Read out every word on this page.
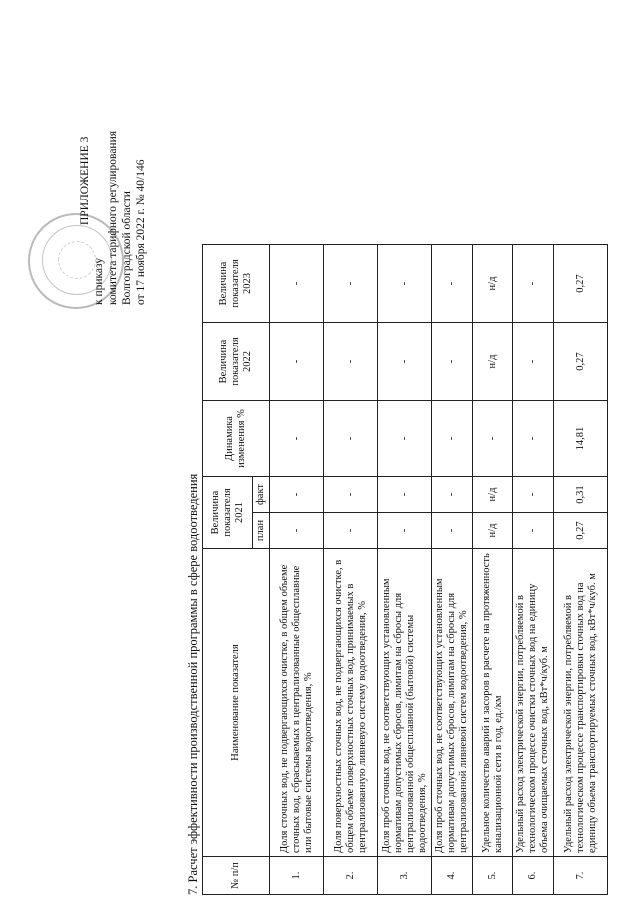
ПРИЛОЖЕНИЕ 3
к приказу комитета тарифного регулирования Волгоградской области от 17 ноября 2022 г. № 40/146
7. Расчет эффективности производственной программы в сфере водоотведения	№ п/п	Наименование показателя	Величина показателя 2021		Динамика изменения %	Величина показателя 2022	Величина показателя 2023
		план	факт			
1.	Доля сточных вод, не подвергающихся очистке, в общем объеме сточных вод, сбрасываемых в централизованные общесплавные или бытовые системы водоотведения, %	-	-	-	-	-
2.	Доля поверхностных сточных вод, не подвергающихся очистке, в общем объеме поверхностных сточных вод, принимаемых в централизованную ливневую систему водоотведения, %	-	-	-	-	-
3.	Доля проб сточных вод, не соответствующих установленным нормативам допустимых сбросов, лимитам на сбросы для централизованной общесплавной (бытовой) системы водоотведения, %	-	-	-	-	-
4.	Доля проб сточных вод, не соответствующих установленным нормативам допустимых сбросов, лимитам на сбросы для централизованной ливневой систем водоотведения, %	-	-	-	-	-
5.	Удельное количество аварий и засоров в расчете на протяженность канализационной сети в год, ед./км	н/д	н/д	-	н/д	н/д
6.	Удельный расход электрической энергии, потребляемой в технологическом процессе очистки сточных вод на единицу объема очищаемых сточных вод, кВт*ч/куб. м	-	-	-	-	-
7.	Удельный расход электрической энергии, потребляемой в технологическом процессе транспортировки сточных вод на единицу объема транспортируемых сточных вод, кВт*ч/куб. м	0,27	0,31	14,81	0,27	0,27
